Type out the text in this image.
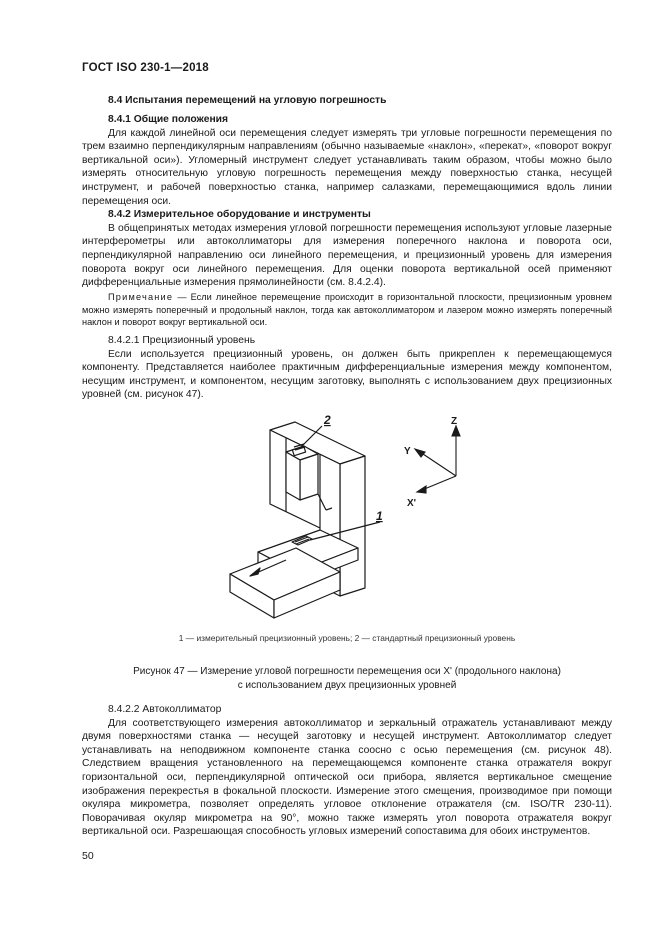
ГОСТ ISO 230-1—2018

8.4 Испытания перемещений на угловую погрешность

8.4.1 Общие положения

Для каждой линейной оси перемещения следует измерять три угловые погрешности перемещения по трем взаимно перпендикулярным направлениям (обычно называемые «наклон», «перекат», «поворот вокруг вертикальной оси»). Угломерный инструмент следует устанавливать таким образом, чтобы можно было измерять относительную угловую погрешность перемещения между поверхностью станка, несущей инструмент, и рабочей поверхностью станка, например салазками, перемещающимися вдоль линии перемещения оси.

8.4.2 Измерительное оборудование и инструменты

В общепринятых методах измерения угловой погрешности перемещения используют угловые лазерные интерферометры или автоколлиматоры для измерения поперечного наклона и поворота оси, перпендикулярной направлению оси линейного перемещения, и прецизионный уровень для измерения поворота вокруг оси линейного перемещения. Для оценки поворота вертикальной осей применяют дифференциальные измерения прямолинейности (см. 8.4.2.4).

Примечание — Если линейное перемещение происходит в горизонтальной плоскости, прецизионным уровнем можно измерять поперечный и продольный наклон, тогда как автоколлиматором и лазером можно измерять поперечный наклон и поворот вокруг вертикальной оси.

8.4.2.1 Прецизионный уровень

Если используется прецизионный уровень, он должен быть прикреплен к перемещающемуся компоненту. Представляется наиболее практичным дифференциальные измерения между компонентом, несущим инструмент, и компонентом, несущим заготовку, выполнять с использованием двух прецизионных уровней (см. рисунок 47).

2
1
Z
Y
X'
1 — измерительный прецизионный уровень; 2 — стандартный прецизионный уровень
Рисунок 47 — Измерение угловой погрешности перемещения оси X' (продольного наклона)
с использованием двух прецизионных уровней

8.4.2.2 Автоколлиматор

Для соответствующего измерения автоколлиматор и зеркальный отражатель устанавливают между двумя поверхностями станка — несущей заготовку и несущей инструмент. Автоколлиматор следует устанавливать на неподвижном компоненте станка соосно с осью перемещения (см. рисунок 48). Следствием вращения установленного на перемещающемся компоненте станка отражателя вокруг горизонтальной оси, перпендикулярной оптической оси прибора, является вертикальное смещение изображения перекрестья в фокальной плоскости. Измерение этого смещения, производимое при помощи окуляра микрометра, позволяет определять угловое отклонение отражателя (см. ISO/TR 230-11). Поворачивая окуляр микрометра на 90°, можно также измерять угол поворота отражателя вокруг вертикальной оси. Разрешающая способность угловых измерений сопоставима для обоих инструментов.

50
